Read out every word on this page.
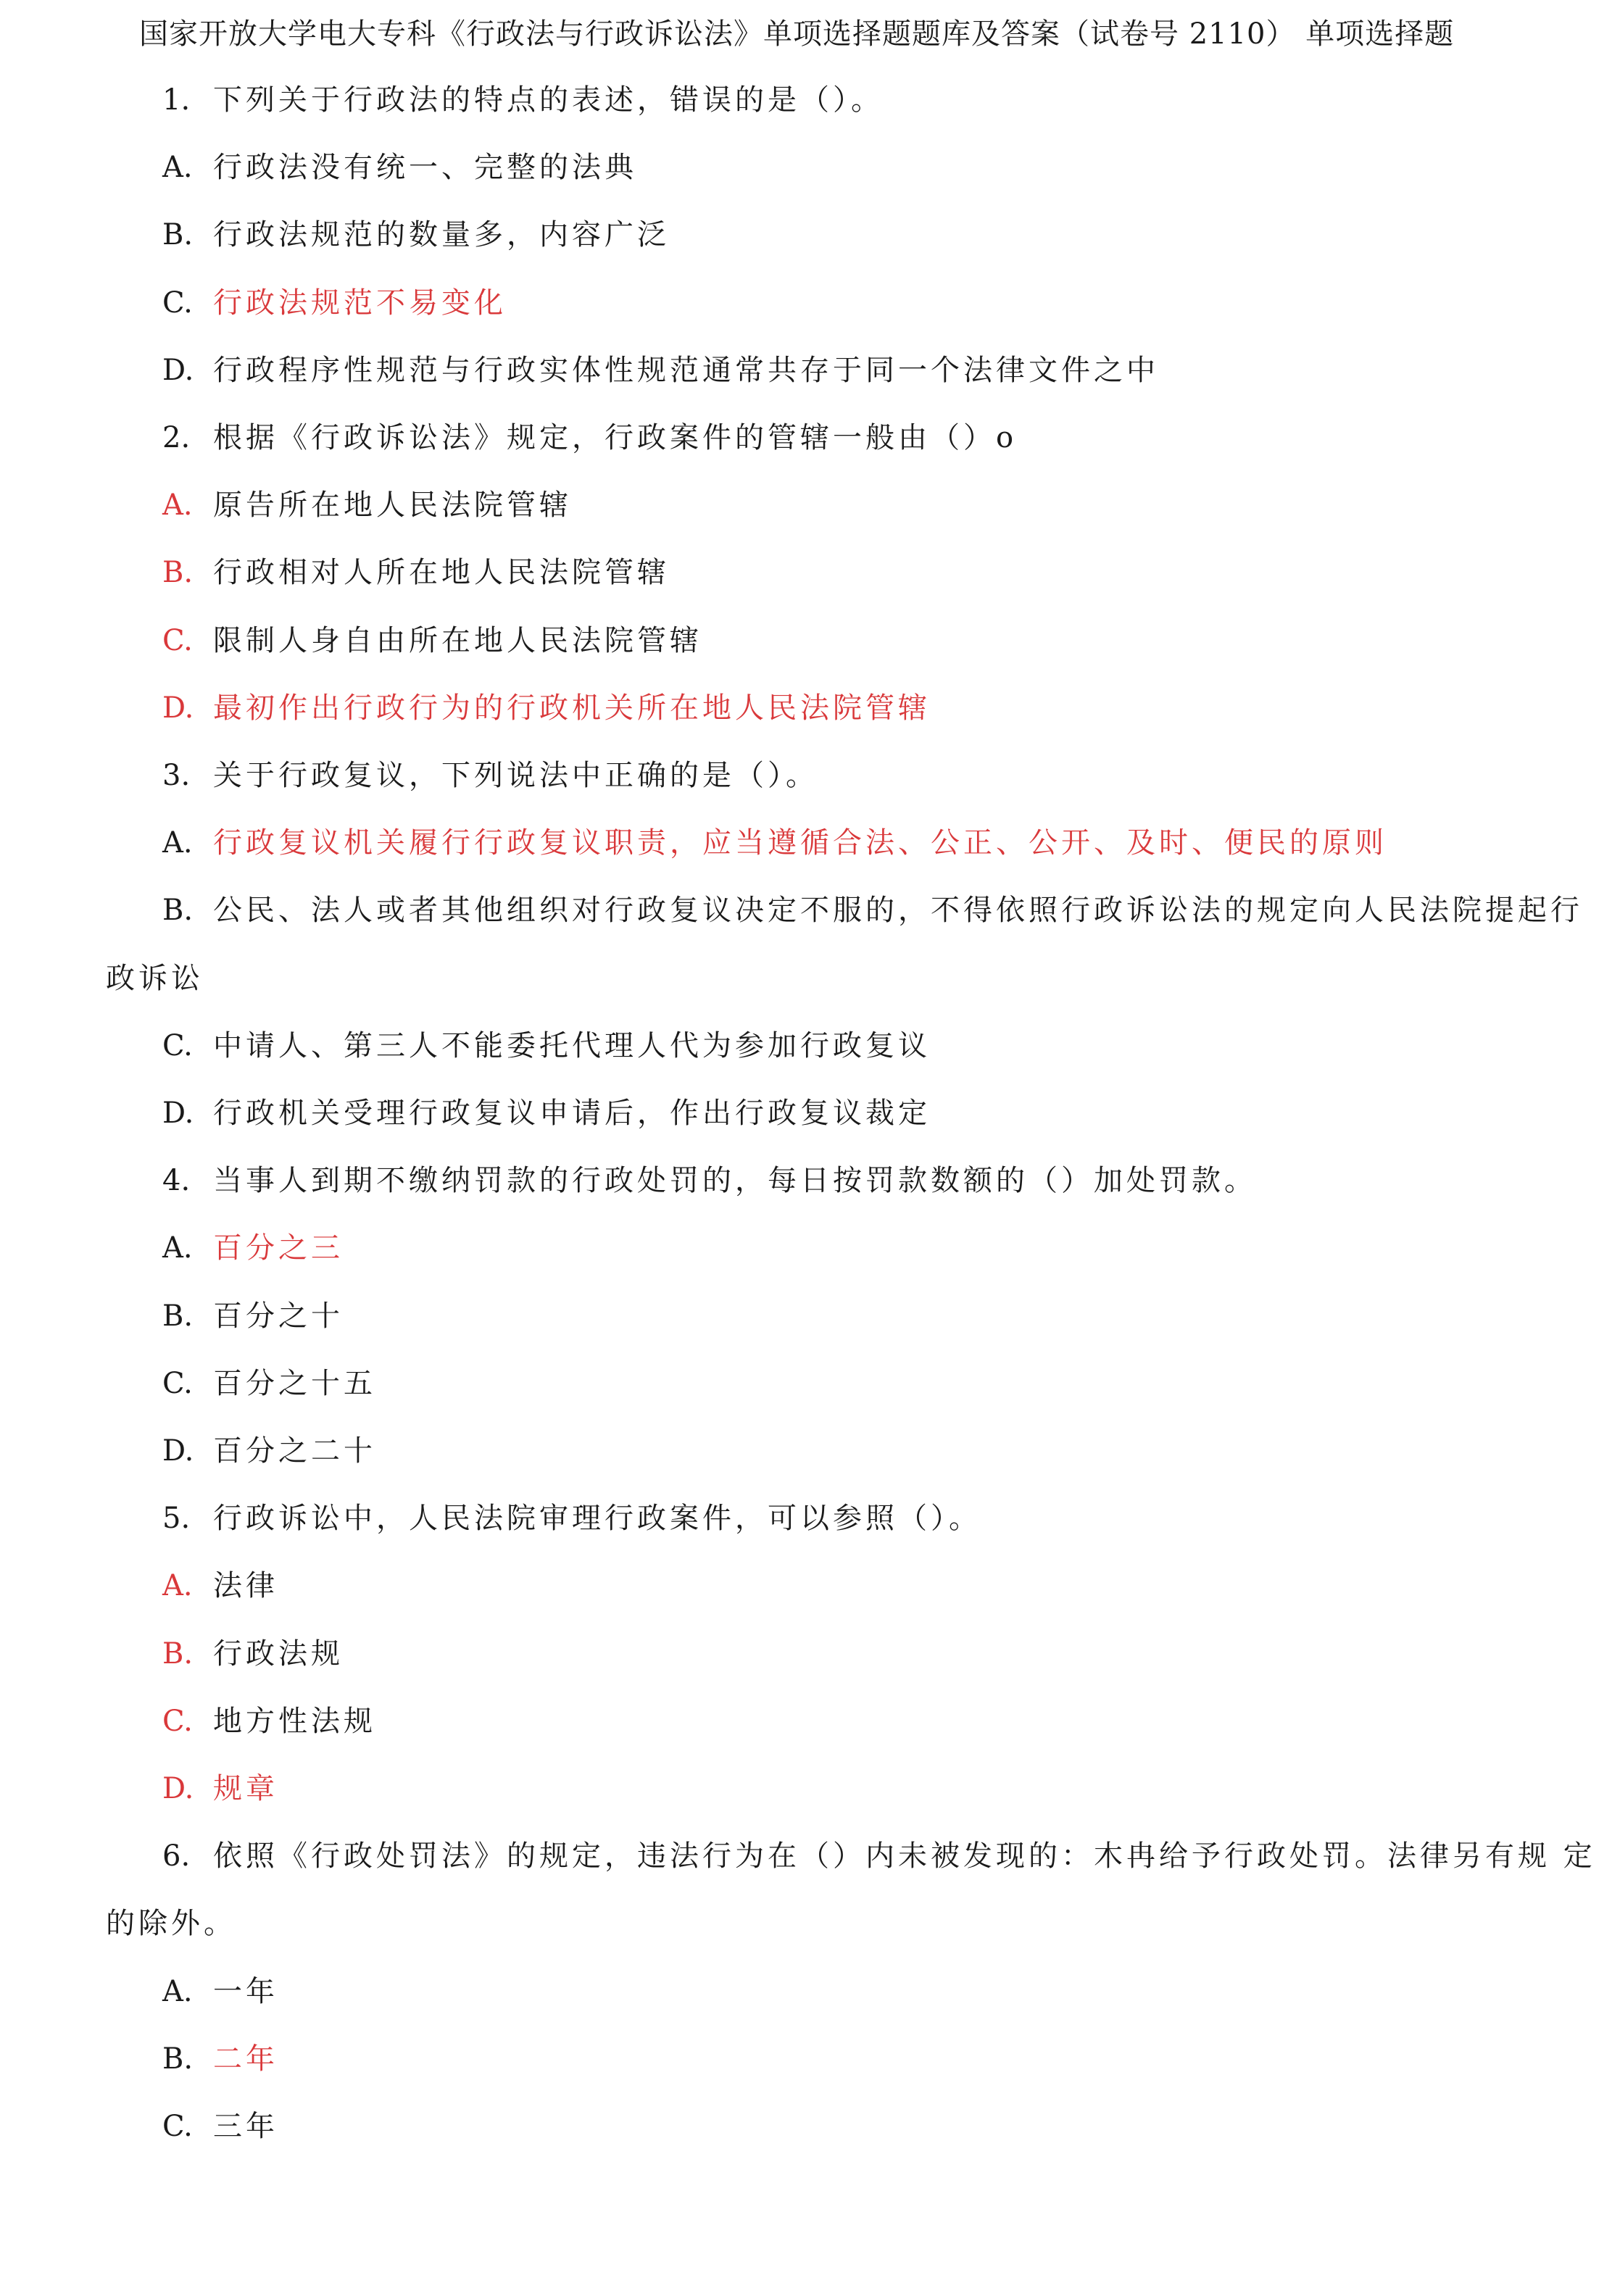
国家开放大学电大专科《行政法与行政诉讼法》单项选择题题库及答案（试卷号 2110） 单项选择题
1. 下列关于行政法的特点的表述，错误的是（）。
A. 行政法没有统一、完整的法典
B. 行政法规范的数量多，内容广泛
C. 行政法规范不易变化
D. 行政程序性规范与行政实体性规范通常共存于同一个法律文件之中
2. 根据《行政诉讼法》规定，行政案件的管辖一般由（）o
A. 原告所在地人民法院管辖
B. 行政相对人所在地人民法院管辖
C. 限制人身自由所在地人民法院管辖
D. 最初作出行政行为的行政机关所在地人民法院管辖
3. 关于行政复议，下列说法中正确的是（）。
A. 行政复议机关履行行政复议职责，应当遵循合法、公正、公开、及时、便民的原则
B. 公民、法人或者其他组织对行政复议决定不服的，不得依照行政诉讼法的规定向人民法院提起行
政诉讼
C. 中请人、第三人不能委托代理人代为参加行政复议
D. 行政机关受理行政复议申请后，作出行政复议裁定
4. 当事人到期不缴纳罚款的行政处罚的，每日按罚款数额的（）加处罚款。
A. 百分之三
B. 百分之十
C. 百分之十五
D. 百分之二十
5. 行政诉讼中，人民法院审理行政案件，可以参照（）。
A. 法律
B. 行政法规
C. 地方性法规
D. 规章
6. 依照《行政处罚法》的规定，违法行为在（）内未被发现的：木冉给予行政处罚。法律另有规 定
的除外。
A. 一年
B. 二年
C. 三年
